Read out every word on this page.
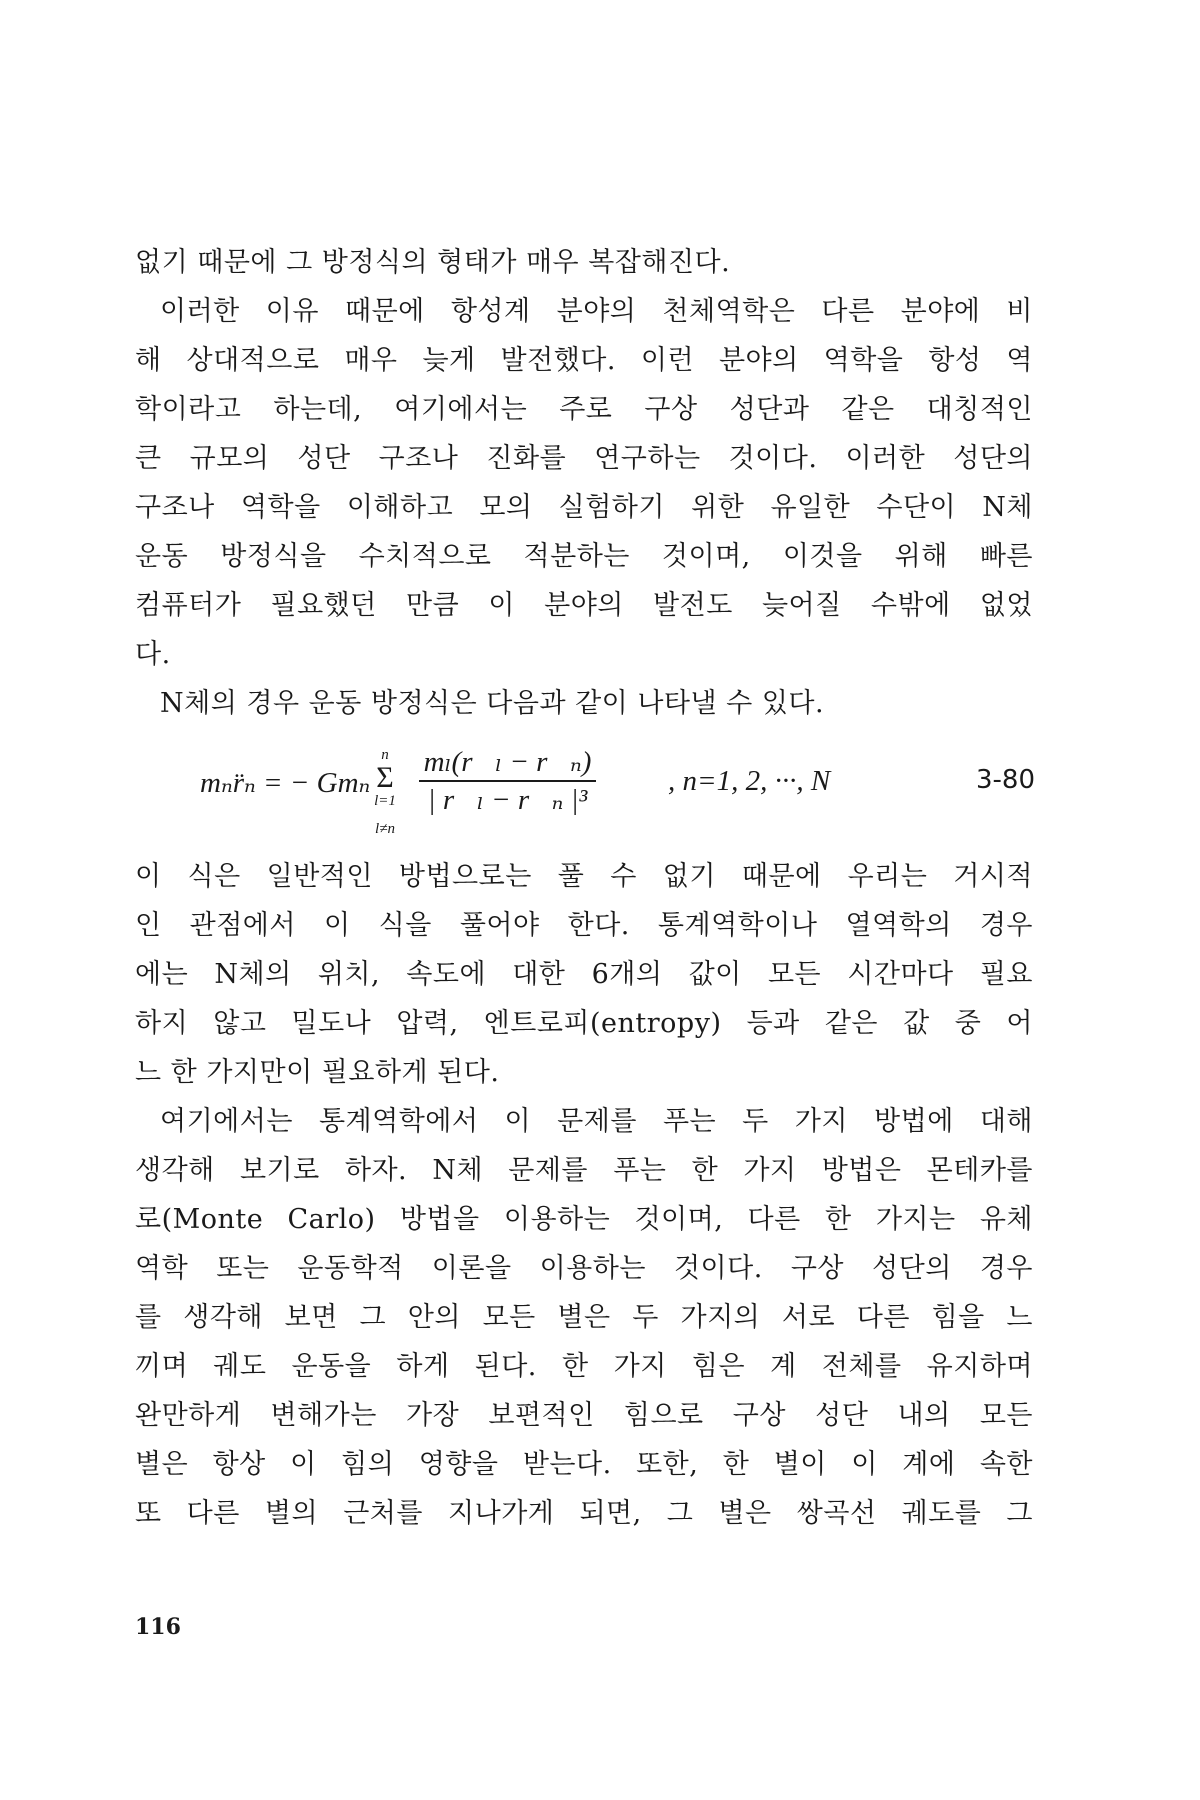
없기 때문에 그 방정식의 형태가 매우 복잡해진다.
이러한 이유 때문에 항성계 분야의 천체역학은 다른 분야에 비
해 상대적으로 매우 늦게 발전했다. 이런 분야의 역학을 항성 역
학이라고 하는데, 여기에서는 주로 구상 성단과 같은 대칭적인
큰 규모의 성단 구조나 진화를 연구하는 것이다. 이러한 성단의
구조나 역학을 이해하고 모의 실험하기 위한 유일한 수단이 N체
운동 방정식을 수치적으로 적분하는 것이며, 이것을 위해 빠른
컴퓨터가 필요했던 만큼 이 분야의 발전도 늦어질 수밖에 없었
다.
N체의 경우 운동 방정식은 다음과 같이 나타낼 수 있다.
mₙr̈ₙ = − Gmₙ
n
Σ
l=1
l≠n
mₗ(r⃗ₗ − r⃗ₙ)
| r⃗ₗ − r⃗ₙ |³
, n=1, 2, ···, N	3-80
이 식은 일반적인 방법으로는 풀 수 없기 때문에 우리는 거시적
인 관점에서 이 식을 풀어야 한다. 통계역학이나 열역학의 경우
에는 N체의 위치, 속도에 대한 6개의 값이 모든 시간마다 필요
하지 않고 밀도나 압력, 엔트로피(entropy) 등과 같은 값 중 어
느 한 가지만이 필요하게 된다.
여기에서는 통계역학에서 이 문제를 푸는 두 가지 방법에 대해
생각해 보기로 하자. N체 문제를 푸는 한 가지 방법은 몬테카를
로(Monte Carlo) 방법을 이용하는 것이며, 다른 한 가지는 유체
역학 또는 운동학적 이론을 이용하는 것이다. 구상 성단의 경우
를 생각해 보면 그 안의 모든 별은 두 가지의 서로 다른 힘을 느
끼며 궤도 운동을 하게 된다. 한 가지 힘은 계 전체를 유지하며
완만하게 변해가는 가장 보편적인 힘으로 구상 성단 내의 모든
별은 항상 이 힘의 영향을 받는다. 또한, 한 별이 이 계에 속한
또 다른 별의 근처를 지나가게 되면, 그 별은 쌍곡선 궤도를 그
116
